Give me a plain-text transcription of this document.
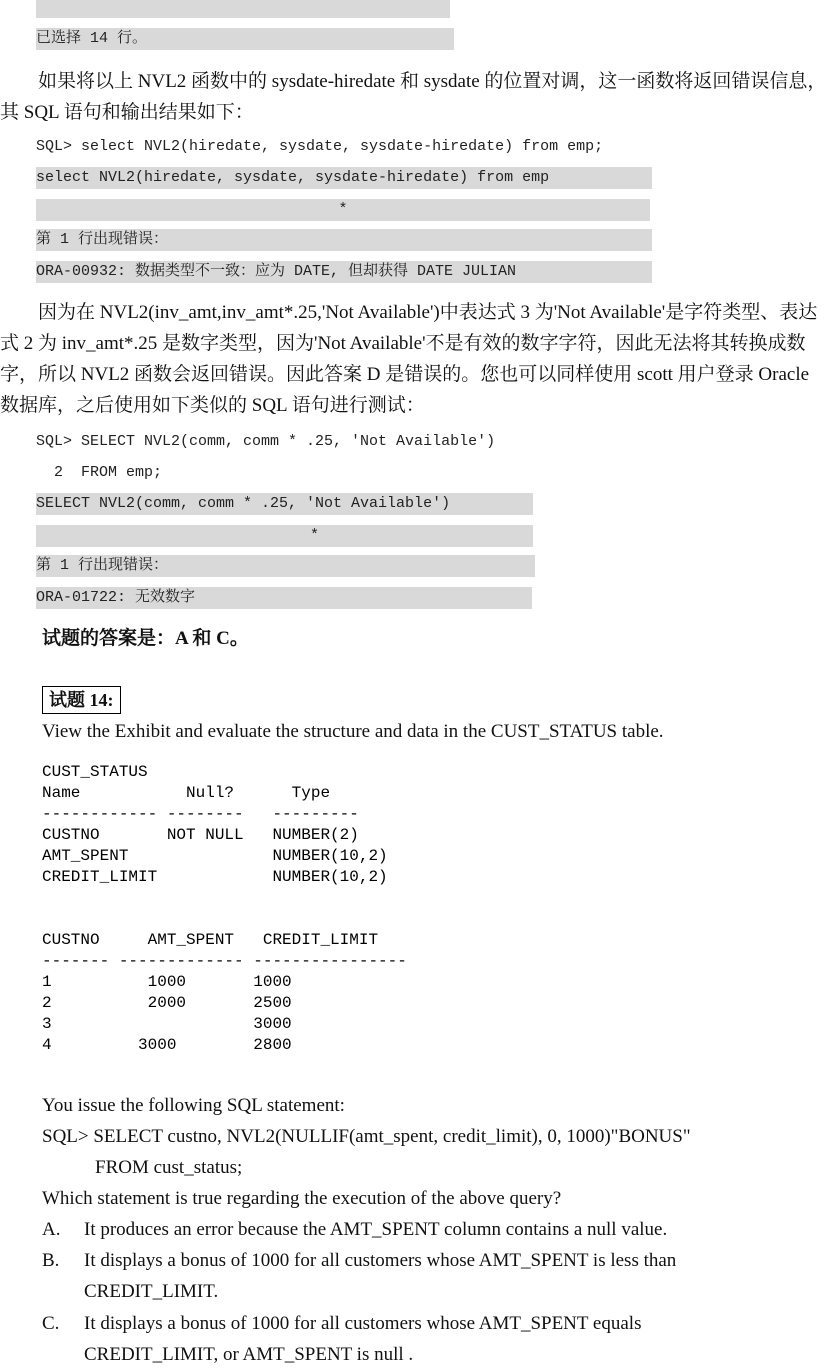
已选择 14 行。
如果将以上 NVL2 函数中的 sysdate-hiredate 和 sysdate 的位置对调，这一函数将返回错误信息，其 SQL 语句和输出结果如下：
SQL> select NVL2(hiredate, sysdate, sysdate-hiredate) from emp;
select NVL2(hiredate, sysdate, sysdate-hiredate) from emp
*
第 1 行出现错误：
ORA-00932: 数据类型不一致：应为 DATE, 但却获得 DATE JULIAN
因为在 NVL2(inv_amt,inv_amt*.25,'Not Available')中表达式 3 为'Not Available'是字符类型、表达式 2 为 inv_amt*.25 是数字类型，因为'Not Available'不是有效的数字字符，因此无法将其转换成数字，所以 NVL2 函数会返回错误。因此答案 D 是错误的。您也可以同样使用 scott 用户登录 Oracle 数据库，之后使用如下类似的 SQL 语句进行测试：
SQL> SELECT NVL2(comm, comm * .25, 'Not Available')
2  FROM emp;
SELECT NVL2(comm, comm * .25, 'Not Available')
*
第 1 行出现错误：
ORA-01722: 无效数字
试题的答案是：A 和 C。
试题 14:
View the Exhibit and evaluate the structure and data in the CUST_STATUS table.
CUST_STATUS
Name           Null?      Type
------------ --------   ---------
CUSTNO       NOT NULL   NUMBER(2)
AMT_SPENT               NUMBER(10,2)
CREDIT_LIMIT            NUMBER(10,2)
CUSTNO     AMT_SPENT   CREDIT_LIMIT
------- ------------- ----------------
1          1000       1000
2          2000       2500
3                     3000
4         3000        2800
You issue the following SQL statement:
SQL> SELECT custno, NVL2(NULLIF(amt_spent, credit_limit), 0, 1000)"BONUS"
FROM cust_status;
Which statement is true regarding the execution of the above query?
A. It produces an error because the AMT_SPENT column contains a null value.
B. It displays a bonus of 1000 for all customers whose AMT_SPENT is less than
CREDIT_LIMIT.
C. It displays a bonus of 1000 for all customers whose AMT_SPENT equals
CREDIT_LIMIT, or AMT_SPENT is null .
